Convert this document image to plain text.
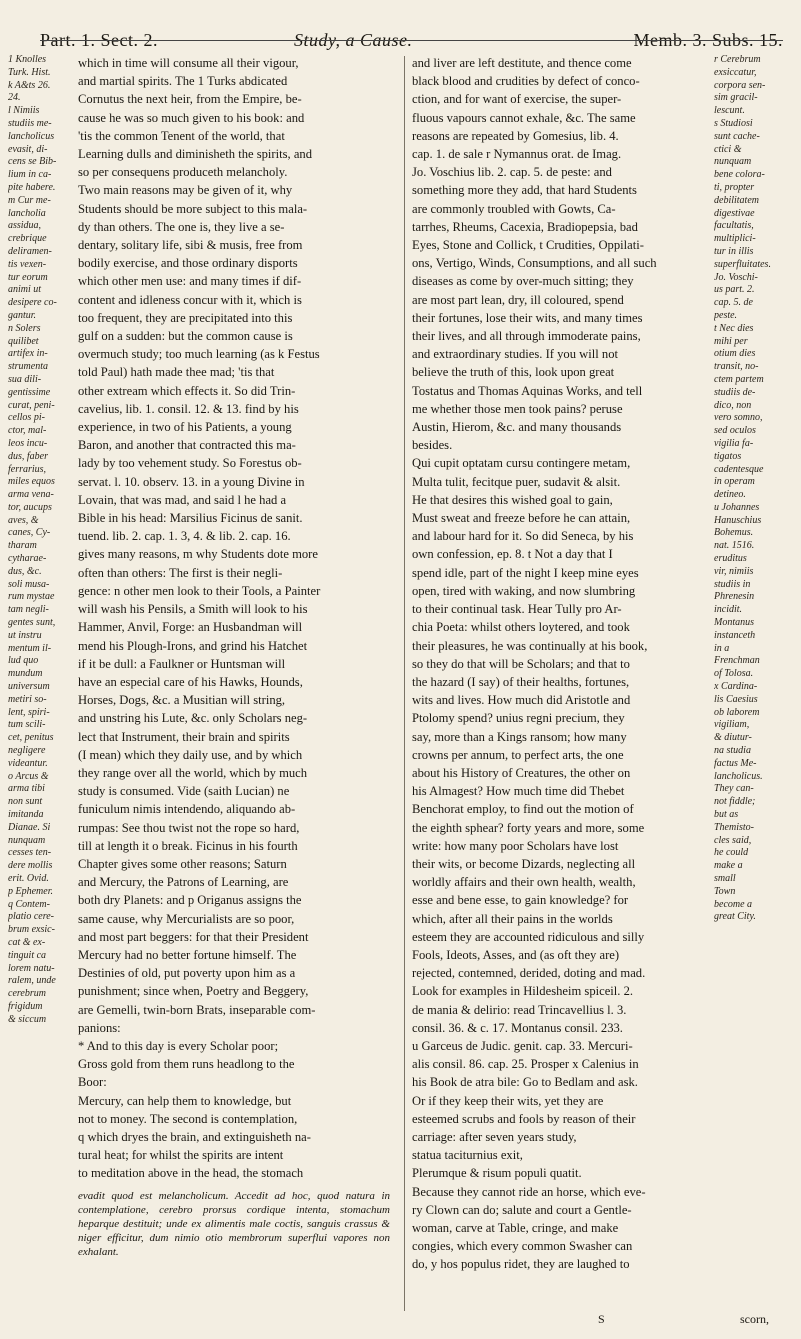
Part. 1. Sect. 2.	Study, a Cause.	Memb. 3. Subs. 15.
1 Knolles
Turk. Hist.
k A&ts 26.
24.
l Nimiis
studiis me-
lancholicus
evasit, di-
cens se Bib-
lium in ca-
pite habere.
m Cur me-
lancholia
assidua,
crebrique
deliramen-
tis vexen-
tur eorum
animi ut
desipere co-
gantur.
n Solers
quilibet
artifex in-
strumenta
sua dili-
gentissime
curat, peni-
cellos pi-
ctor, mal-
leos incu-
dus, faber
ferrarius,
miles equos
arma vena-
tor, aucups
aves, &
canes, Cy-
tharam
cytharae-
dus, &c.
soli musa-
rum mystae
tam negli-
gentes sunt,
ut instru
mentum il-
lud quo
mundum
universum
metiri so-
lent, spiri-
tum scili-
cet, penitus
negligere
videantur.
o Arcus &
arma tibi
non sunt
imitanda
Dianae. Si
nunquam
cesses ten-
dere mollis
erit. Ovid.
p Ephemer.
q Contem-
platio cere-
brum exsic-
cat & ex-
tinguit ca
lorem natu-
ralem, unde
cerebrum
frigidum
& siccum
which in time will consume all their vigour,
and martial spirits. The 1 Turks abdicated
Cornutus the next heir, from the Empire, be-
cause he was so much given to his book: and
'tis the common Tenent of the world, that
Learning dulls and diminisheth the spirits, and
so per consequens produceth melancholy.
Two main reasons may be given of it, why
Students should be more subject to this mala-
dy than others. The one is, they live a se-
dentary, solitary life, sibi & musis, free from
bodily exercise, and those ordinary disports
which other men use: and many times if dif-
content and idleness concur with it, which is
too frequent, they are precipitated into this
gulf on a sudden: but the common cause is
overmuch study; too much learning (as k Festus
told Paul) hath made thee mad; 'tis that
other extream which effects it. So did Trin-
cavelius, lib. 1. consil. 12. & 13. find by his
experience, in two of his Patients, a young
Baron, and another that contracted this ma-
lady by too vehement study. So Forestus ob-
servat. l. 10. observ. 13. in a young Divine in
Lovain, that was mad, and said l he had a
Bible in his head: Marsilius Ficinus de sanit.
tuend. lib. 2. cap. 1. 3, 4. & lib. 2. cap. 16.
gives many reasons, m why Students dote more
often than others: The first is their negli-
gence: n other men look to their Tools, a Painter
will wash his Pensils, a Smith will look to his
Hammer, Anvil, Forge: an Husbandman will
mend his Plough-Irons, and grind his Hatchet
if it be dull: a Faulkner or Huntsman will
have an especial care of his Hawks, Hounds,
Horses, Dogs, &c. a Musitian will string,
and unstring his Lute, &c. only Scholars neg-
lect that Instrument, their brain and spirits
(I mean) which they daily use, and by which
they range over all the world, which by much
study is consumed. Vide (saith Lucian) ne
funiculum nimis intendendo, aliquando ab-
rumpas: See thou twist not the rope so hard,
till at length it o break. Ficinus in his fourth
Chapter gives some other reasons; Saturn
and Mercury, the Patrons of Learning, are
both dry Planets: and p Origanus assigns the
same cause, why Mercurialists are so poor,
and most part beggers: for that their President
Mercury had no better fortune himself. The
Destinies of old, put poverty upon him as a
punishment; since when, Poetry and Beggery,
are Gemelli, twin-born Brats, inseparable com-
panions:
* And to this day is every Scholar poor;
Gross gold from them runs headlong to the
Boor:
Mercury, can help them to knowledge, but
not to money. The second is contemplation,
q which dryes the brain, and extinguisheth na-
tural heat; for whilst the spirits are intent
to meditation above in the head, the stomach
evadit quod est melancholicum. Accedit ad hoc, quod natura in contemplatione, cerebro prorsus cordique intenta, stomachum heparque destituit; unde ex alimentis male coctis, sanguis crassus & niger efficitur, dum nimio otio membrorum superflui vapores non exhalant.
and liver are left destitute, and thence come
black blood and crudities by defect of conco-
ction, and for want of exercise, the super-
fluous vapours cannot exhale, &c. The same
reasons are repeated by Gomesius, lib. 4.
cap. 1. de sale r Nymannus orat. de Imag.
Jo. Voschius lib. 2. cap. 5. de peste: and
something more they add, that hard Students
are commonly troubled with Gowts, Ca-
tarrhes, Rheums, Cacexia, Bradiopepsia, bad
Eyes, Stone and Collick, t Crudities, Oppilati-
ons, Vertigo, Winds, Consumptions, and all such
diseases as come by over-much sitting; they
are most part lean, dry, ill coloured, spend
their fortunes, lose their wits, and many times
their lives, and all through immoderate pains,
and extraordinary studies. If you will not
believe the truth of this, look upon great
Tostatus and Thomas Aquinas Works, and tell
me whether those men took pains? peruse
Austin, Hierom, &c. and many thousands
besides.
Qui cupit optatam cursu contingere metam,
Multa tulit, fecitque puer, sudavit & alsit.
He that desires this wished goal to gain,
Must sweat and freeze before he can attain,
and labour hard for it. So did Seneca, by his
own confession, ep. 8. t Not a day that I
spend idle, part of the night I keep mine eyes
open, tired with waking, and now slumbring
to their continual task. Hear Tully pro Ar-
chia Poeta: whilst others loytered, and took
their pleasures, he was continually at his book,
so they do that will be Scholars; and that to
the hazard (I say) of their healths, fortunes,
wits and lives. How much did Aristotle and
Ptolomy spend? unius regni precium, they
say, more than a Kings ransom; how many
crowns per annum, to perfect arts, the one
about his History of Creatures, the other on
his Almagest? How much time did Thebet
Benchorat employ, to find out the motion of
the eighth sphear? forty years and more, some
write: how many poor Scholars have lost
their wits, or become Dizards, neglecting all
worldly affairs and their own health, wealth,
esse and bene esse, to gain knowledge? for
which, after all their pains in the worlds
esteem they are accounted ridiculous and silly
Fools, Ideots, Asses, and (as oft they are)
rejected, contemned, derided, doting and mad.
Look for examples in Hildesheim spiceil. 2.
de mania & delirio: read Trincavellius l. 3.
consil. 36. & c. 17. Montanus consil. 233.
u Garceus de Judic. genit. cap. 33. Mercuri-
alis consil. 86. cap. 25. Prosper x Calenius in
his Book de atra bile: Go to Bedlam and ask.
Or if they keep their wits, yet they are
esteemed scrubs and fools by reason of their
carriage: after seven years study,
statua taciturnius exit,
Plerumque & risum populi quatit.
Because they cannot ride an horse, which eve-
ry Clown can do; salute and court a Gentle-
woman, carve at Table, cringe, and make
congies, which every common Swasher can
do, y hos populus ridet, they are laughed to
r Cerebrum
exsiccatur,
corpora sen-
sim gracil-
lescunt.
s Studiosi
sunt cache-
ctici &
nunquam
bene colora-
ti, propter
debilitatem
digestivae
facultatis,
multiplici-
tur in illis
superfluitates.
Jo. Voschi-
us part. 2.
cap. 5. de
peste.
t Nec dies
mihi per
otium dies
transit, no-
ctem partem
studiis de-
dico, non
vero somno,
sed oculos
vigilia fa-
tigatos
cadentesque
in operam
detineo.
u Johannes
Hanuschius
Bohemus.
nat. 1516.
eruditus
vir, nimiis
studiis in
Phrenesin
incidit.
Montanus
instanceth
in a
Frenchman
of Tolosa.
x Cardina-
lis Caesius
ob laborem
vigiliam,
& diutur-
na studia
factus Me-
lancholicus.
They can-
not fiddle;
but as
Themisto-
cles said,
he could
make a
small
Town
become a
great City.
S	scorn,
